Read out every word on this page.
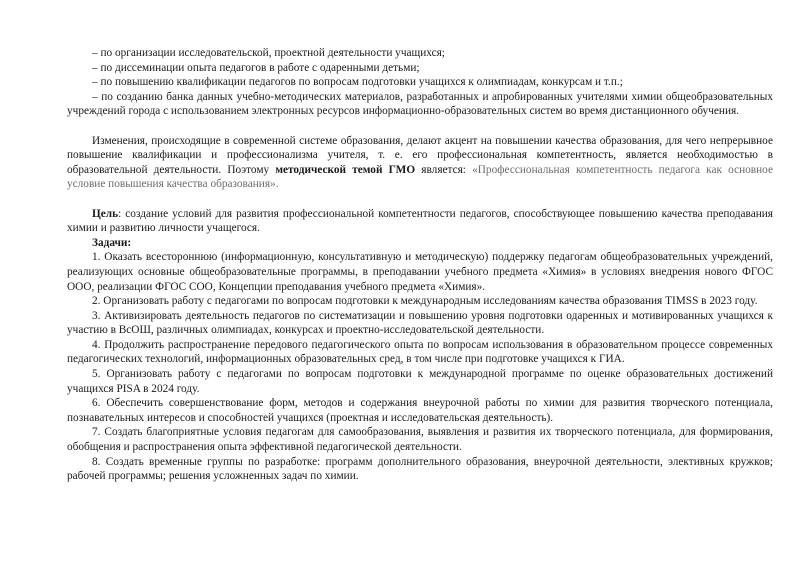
– по организации исследовательской, проектной деятельности учащихся;

– по диссеминации опыта педагогов в работе с одаренными детьми;

– по повышению квалификации педагогов по вопросам подготовки учащихся к олимпиадам, конкурсам и т.п.;

– по созданию банка данных учебно-методических материалов, разработанных и апробированных учителями химии общеобразовательных учреждений города с использованием электронных ресурсов информационно-образовательных систем во время дистанционного обучения.

Изменения, происходящие в современной системе образования, делают акцент на повышении качества образования, для чего непрерывное повышение квалификации и профессионализма учителя, т. е. его профессиональная компетентность, является необходимостью в образовательной деятельности. Поэтому методической темой ГМО является: «Профессиональная компетентность педагога как основное условие повышения качества образования».

Цель: создание условий для развития профессиональной компетентности педагогов, способствующее повышению качества преподавания химии и развитию личности учащегося.

Задачи:

1. Оказать всестороннюю (информационную, консультативную и методическую) поддержку педагогам общеобразовательных учреждений, реализующих основные общеобразовательные программы, в преподавании учебного предмета «Химия» в условиях внедрения нового ФГОС ООО, реализации ФГОС СОО, Концепции преподавания учебного предмета «Химия».

2. Организовать работу с педагогами по вопросам подготовки к международным исследованиям качества образования TIMSS в 2023 году.

3. Активизировать деятельность педагогов по систематизации и повышению уровня подготовки одаренных и мотивированных учащихся к участию в ВсОШ, различных олимпиадах, конкурсах и проектно-исследовательской деятельности.

4. Продолжить распространение передового педагогического опыта по вопросам использования в образовательном процессе современных педагогических технологий, информационных образовательных сред, в том числе при подготовке учащихся к ГИА.

5. Организовать работу с педагогами по вопросам подготовки к международной программе по оценке образовательных достижений учащихся PISA в 2024 году.

6. Обеспечить совершенствование форм, методов и содержания внеурочной работы по химии для развития творческого потенциала, познавательных интересов и способностей учащихся (проектная и исследовательская деятельность).

7. Создать благоприятные условия педагогам для самообразования, выявления и развития их творческого потенциала, для формирования, обобщения и распространения опыта эффективной педагогической деятельности.

8. Создать временные группы по разработке: программ дополнительного образования, внеурочной деятельности, элективных кружков; рабочей программы; решения усложненных задач по химии.
